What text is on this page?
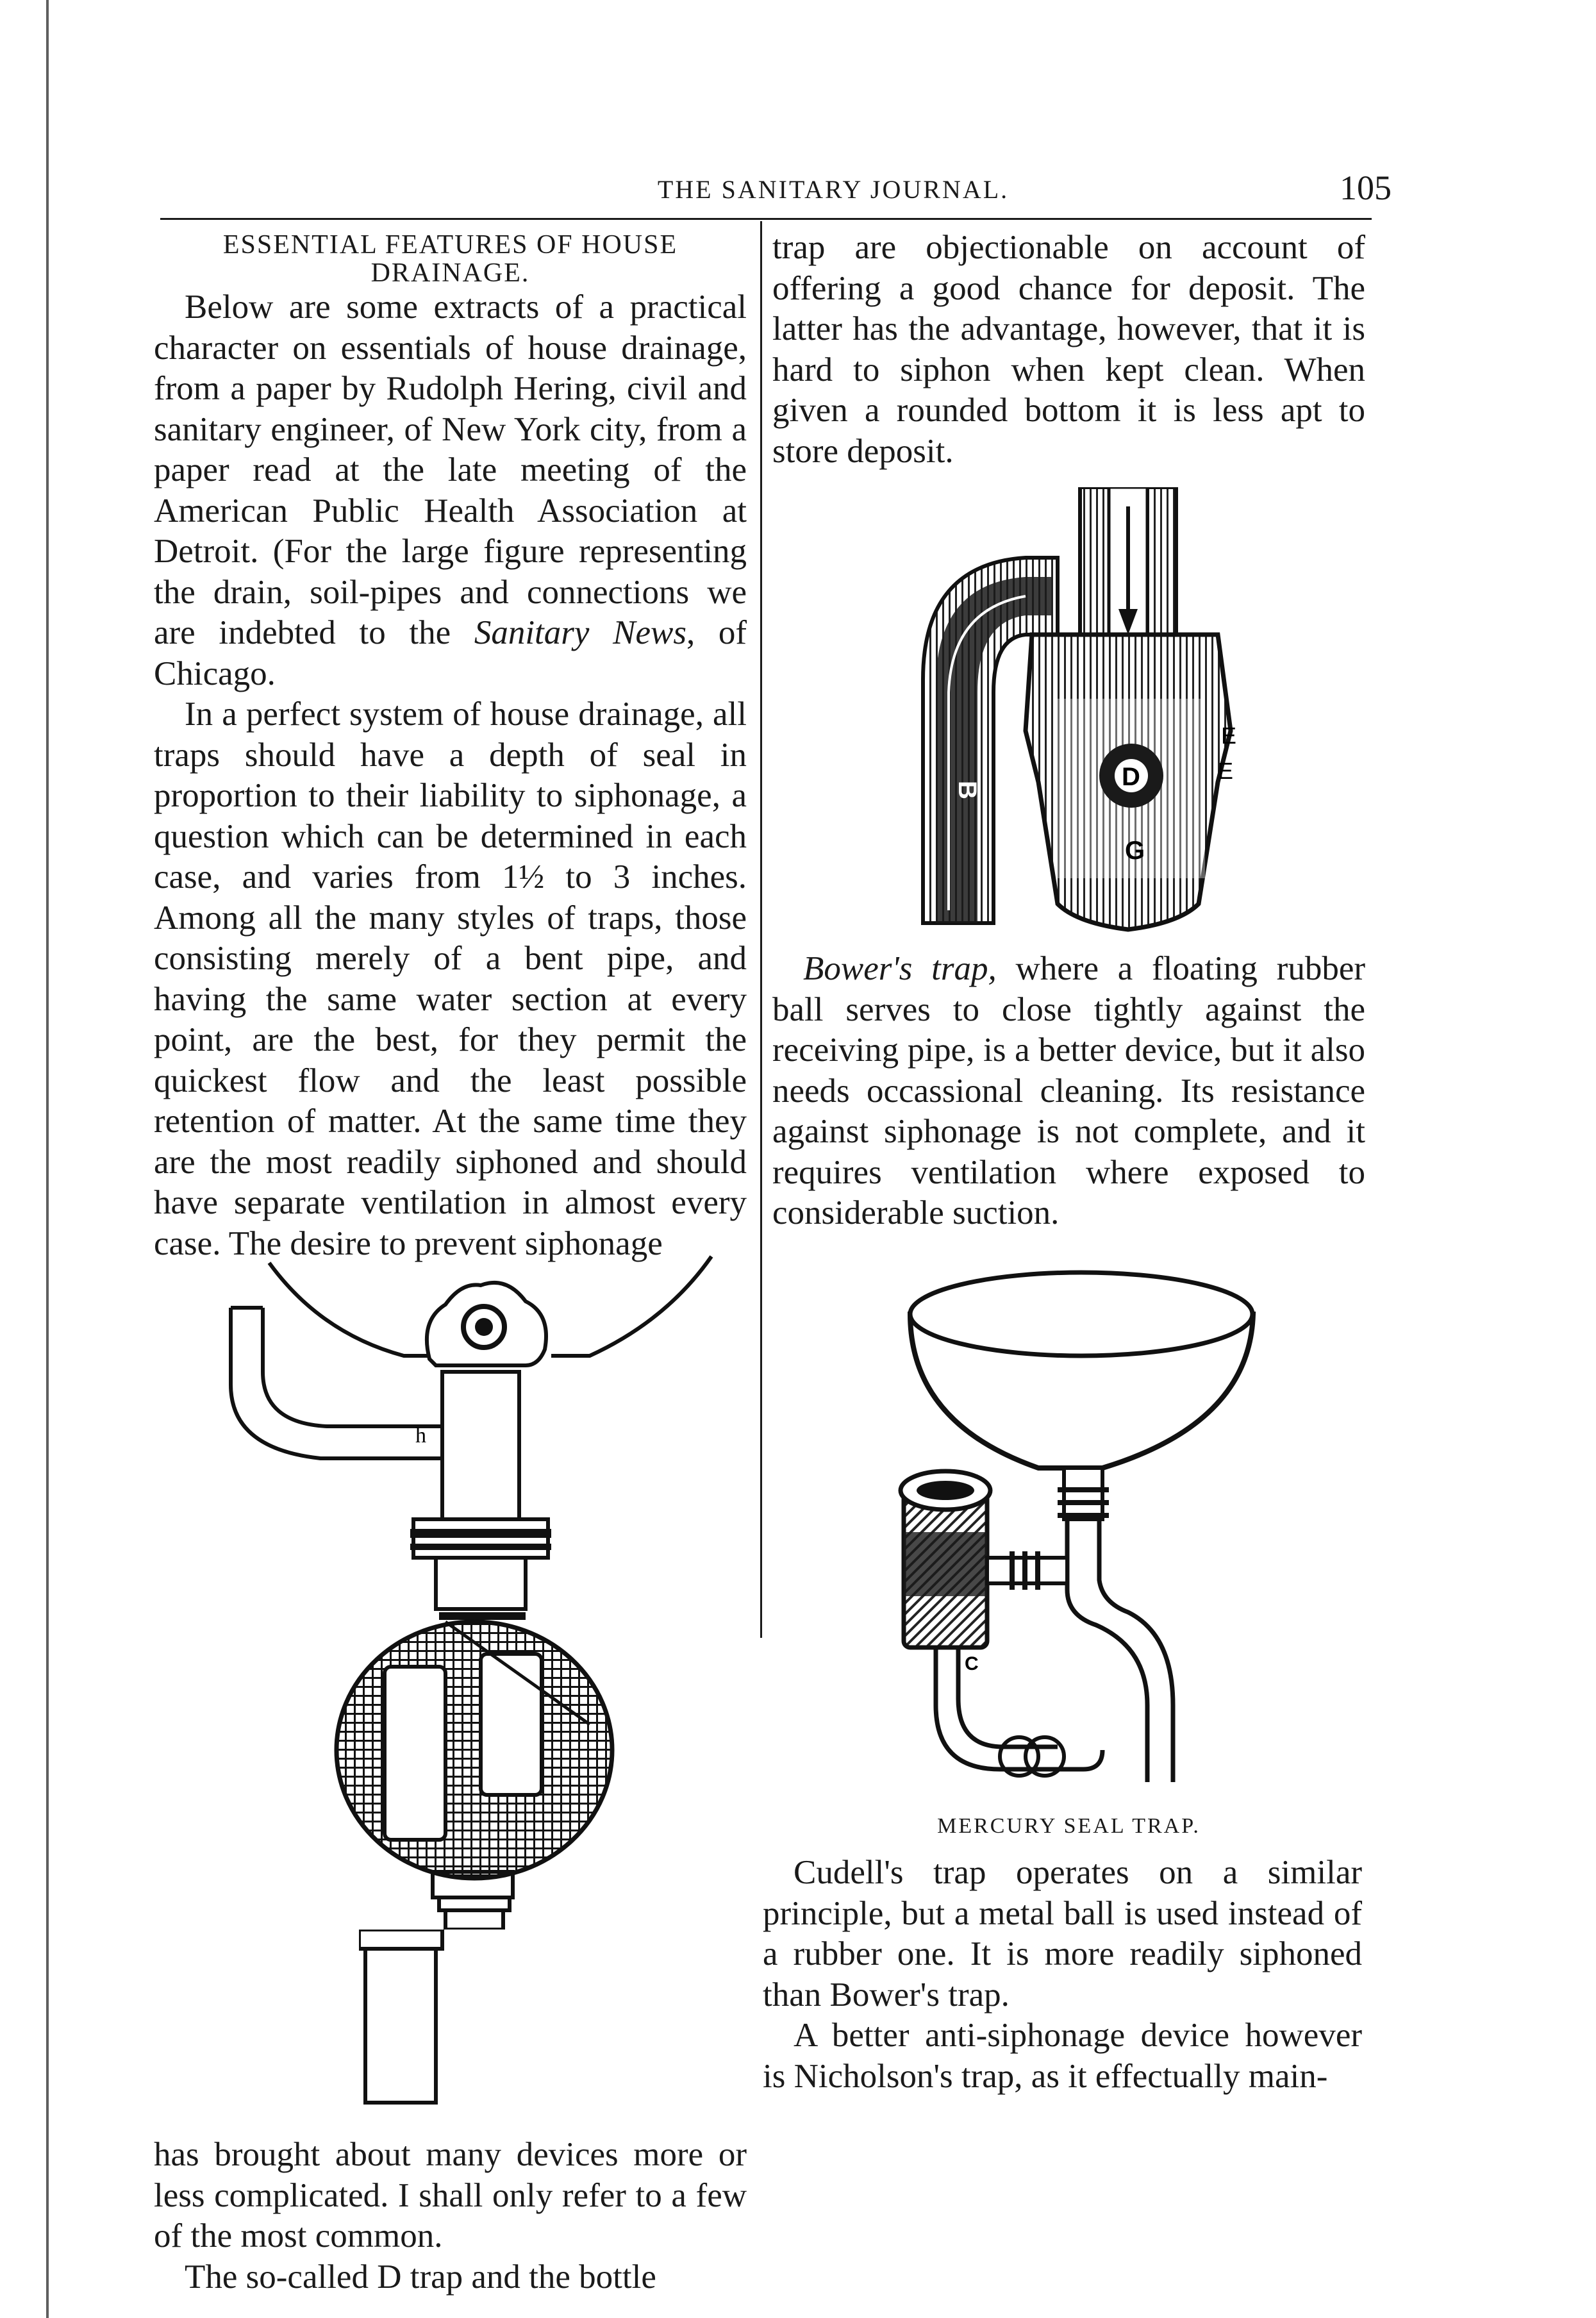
THE SANITARY JOURNAL.	105

ESSENTIAL FEATURES OF HOUSE DRAINAGE.

Below are some extracts of a practical character on essentials of house drainage, from a paper by Rudolph Hering, civil and sanitary engineer, of New York city, from a paper read at the late meeting of the American Public Health Association at Detroit. (For the large figure representing the drain, soil-pipes and connections we are indebted to the Sanitary News, of Chicago.

In a perfect system of house drainage, all traps should have a depth of seal in proportion to their liability to siphonage, a question which can be determined in each case, and varies from 1½ to 3 inches. Among all the many styles of traps, those consisting merely of a bent pipe, and having the same water section at every point, are the best, for they permit the quickest flow and the least possible retention of matter. At the same time they are the most readily siphoned and should have separate ventilation in almost every case. The desire to prevent siphonage

h

has brought about many devices more or less complicated. I shall only refer to a few of the most common.

The so-called D trap and the bottle

trap are objectionable on account of offering a good chance for deposit. The latter has the advantage, however, that it is hard to siphon when kept clean. When given a rounded bottom it is less apt to store deposit.

D
G
B
E
E

Bower's trap, where a floating rubber ball serves to close tightly against the receiving pipe, is a better device, but it also needs occassional cleaning. Its resistance against siphonage is not complete, and it requires ventilation where exposed to considerable suction.

C
MERCURY SEAL TRAP.

Cudell's trap operates on a similar principle, but a metal ball is used instead of a rubber one. It is more readily siphoned than Bower's trap.

A better anti-siphonage device however is Nicholson's trap, as it effectually main-
